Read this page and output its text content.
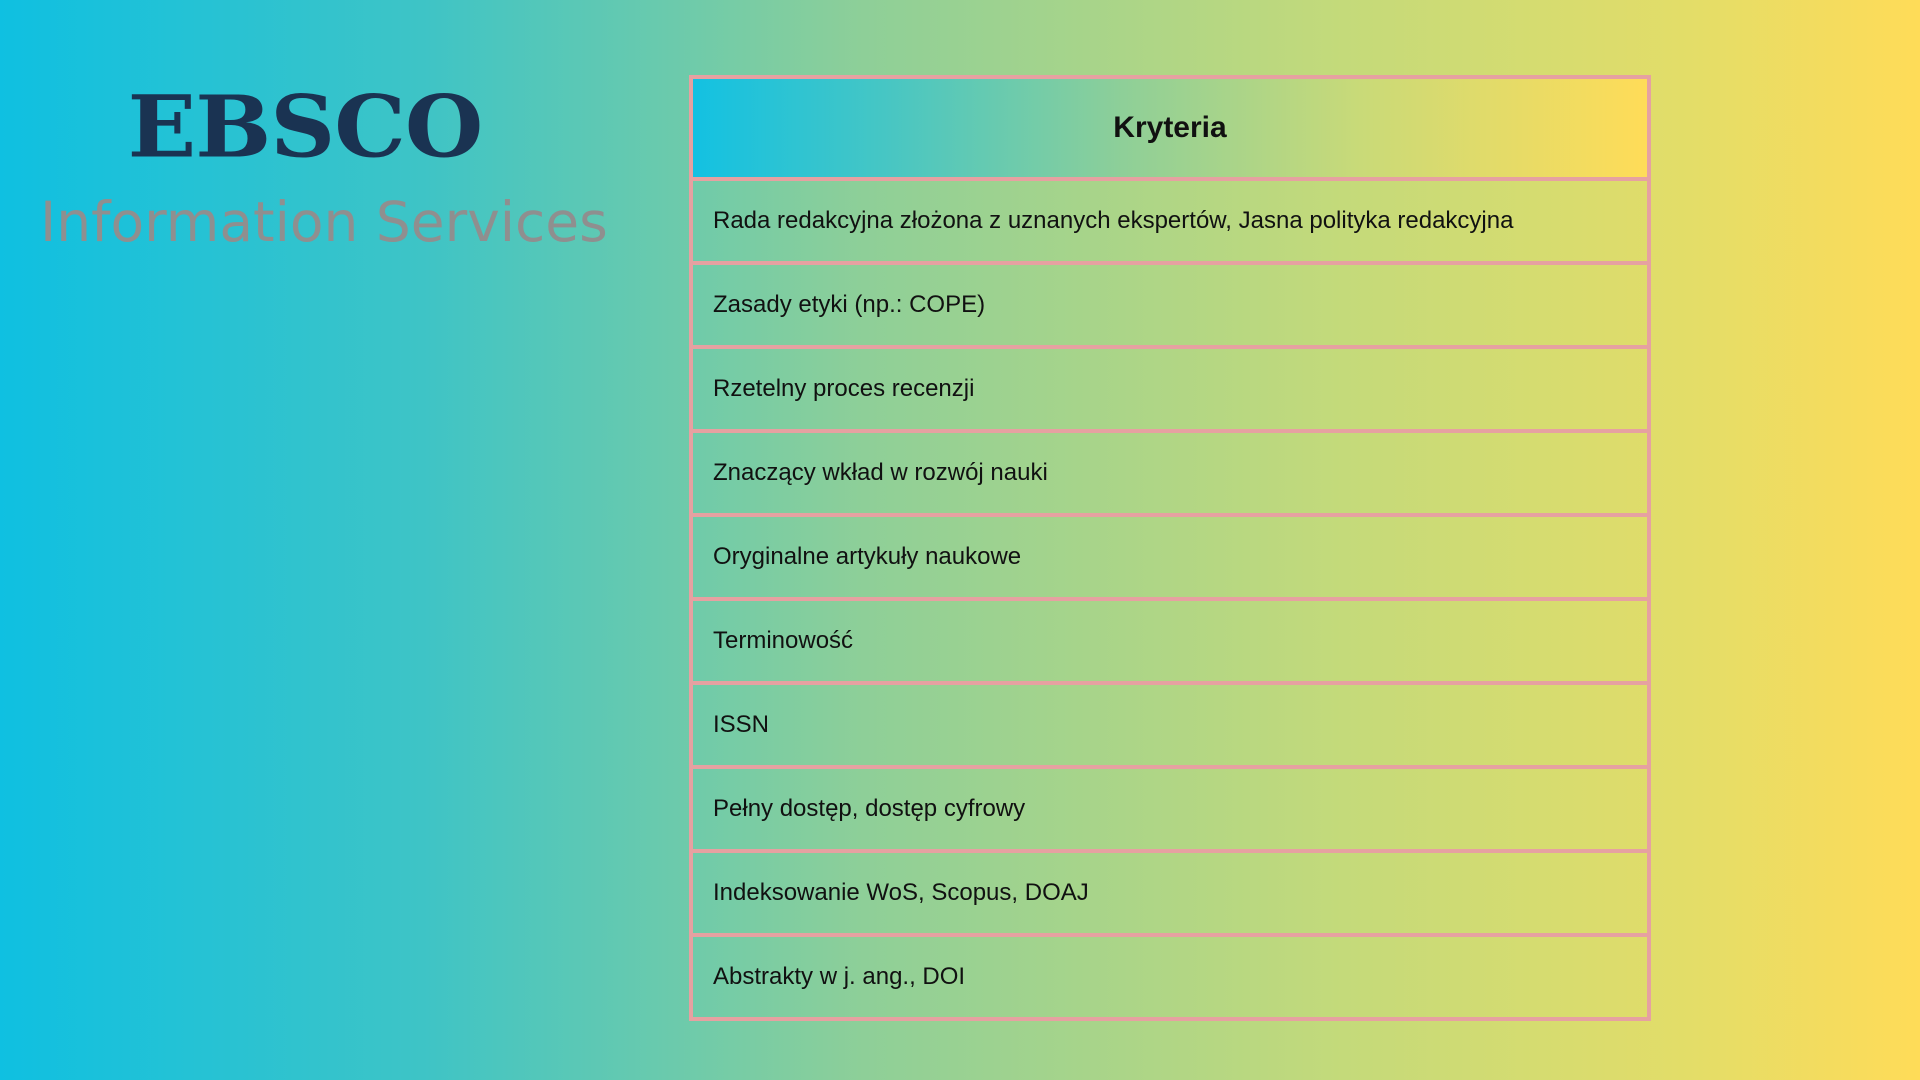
EBSCO
Information Services
Kryteria
Rada redakcyjna złożona z uznanych ekspertów, Jasna polityka redakcyjna
Zasady etyki (np.: COPE)
Rzetelny proces recenzji
Znaczący wkład w rozwój nauki
Oryginalne artykuły naukowe
Terminowość
ISSN
Pełny dostęp, dostęp cyfrowy
Indeksowanie WoS, Scopus, DOAJ
Abstrakty w j. ang., DOI
